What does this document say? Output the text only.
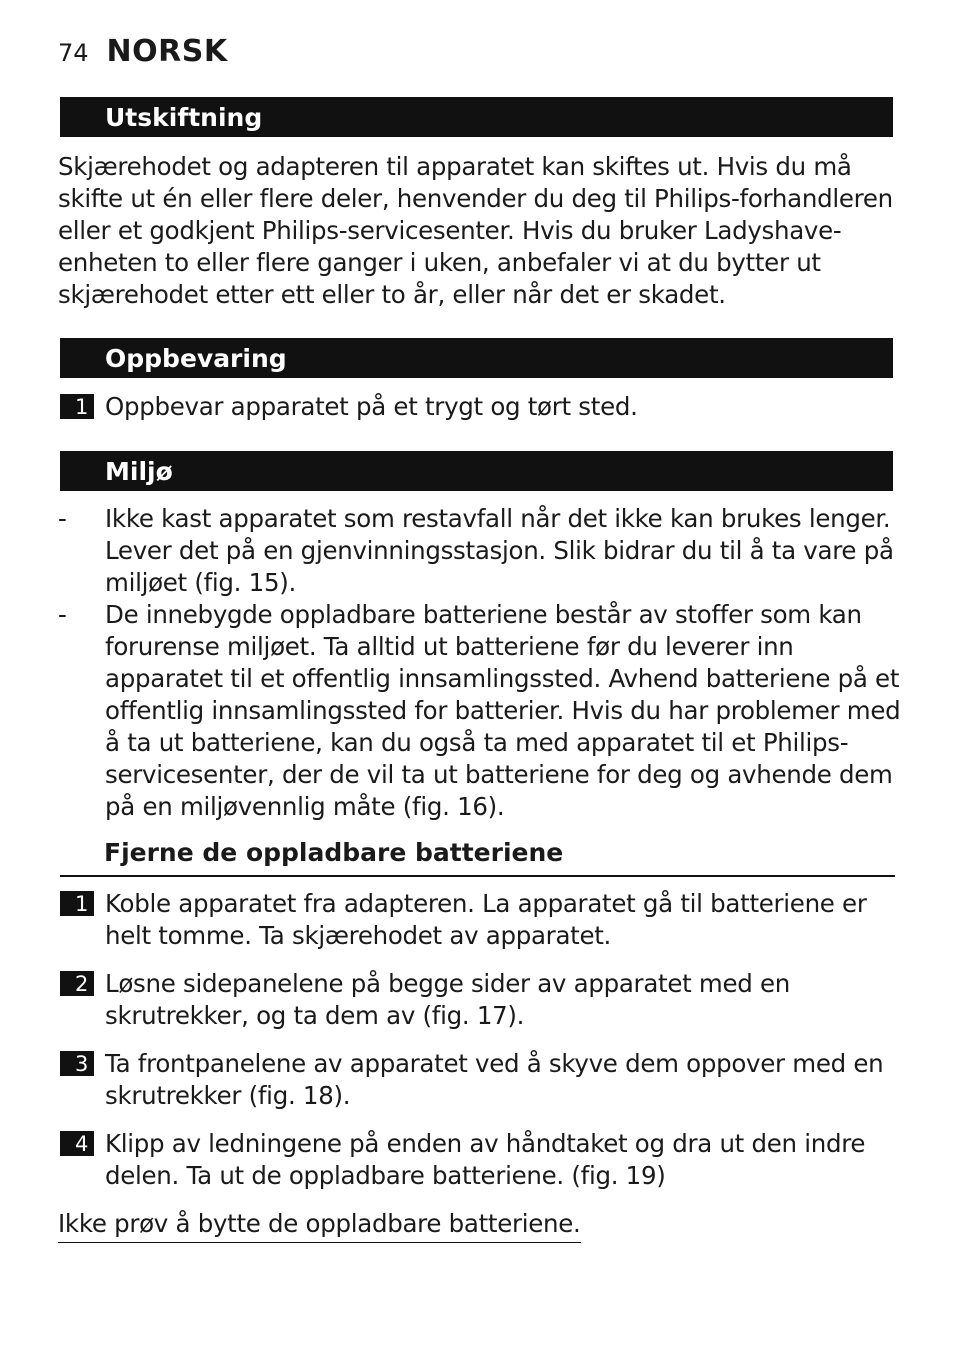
74 NORSK
Utskiftning
Skjærehodet og adapteren til apparatet kan skiftes ut. Hvis du må skifte ut én eller flere deler, henvender du deg til Philips-forhandleren eller et godkjent Philips-servicesenter. Hvis du bruker Ladyshave-enheten to eller flere ganger i uken, anbefaler vi at du bytter ut skjærehodet etter ett eller to år, eller når det er skadet.
Oppbevaring
1 Oppbevar apparatet på et trygt og tørt sted.
Miljø
-	Ikke kast apparatet som restavfall når det ikke kan brukes lenger. Lever det på en gjenvinningsstasjon. Slik bidrar du til å ta vare på miljøet (fig. 15).
-	De innebygde oppladbare batteriene består av stoffer som kan forurense miljøet. Ta alltid ut batteriene før du leverer inn apparatet til et offentlig innsamlingssted. Avhend batteriene på et offentlig innsamlingssted for batterier. Hvis du har problemer med å ta ut batteriene, kan du også ta med apparatet til et Philips-servicesenter, der de vil ta ut batteriene for deg og avhende dem på en miljøvennlig måte (fig. 16).
Fjerne de oppladbare batteriene
1 Koble apparatet fra adapteren. La apparatet gå til batteriene er helt tomme. Ta skjærehodet av apparatet.
2 Løsne sidepanelene på begge sider av apparatet med en skrutrekker, og ta dem av (fig. 17).
3 Ta frontpanelene av apparatet ved å skyve dem oppover med en skrutrekker (fig. 18).
4 Klipp av ledningene på enden av håndtaket og dra ut den indre delen. Ta ut de oppladbare batteriene. (fig. 19)
Ikke prøv å bytte de oppladbare batteriene.
